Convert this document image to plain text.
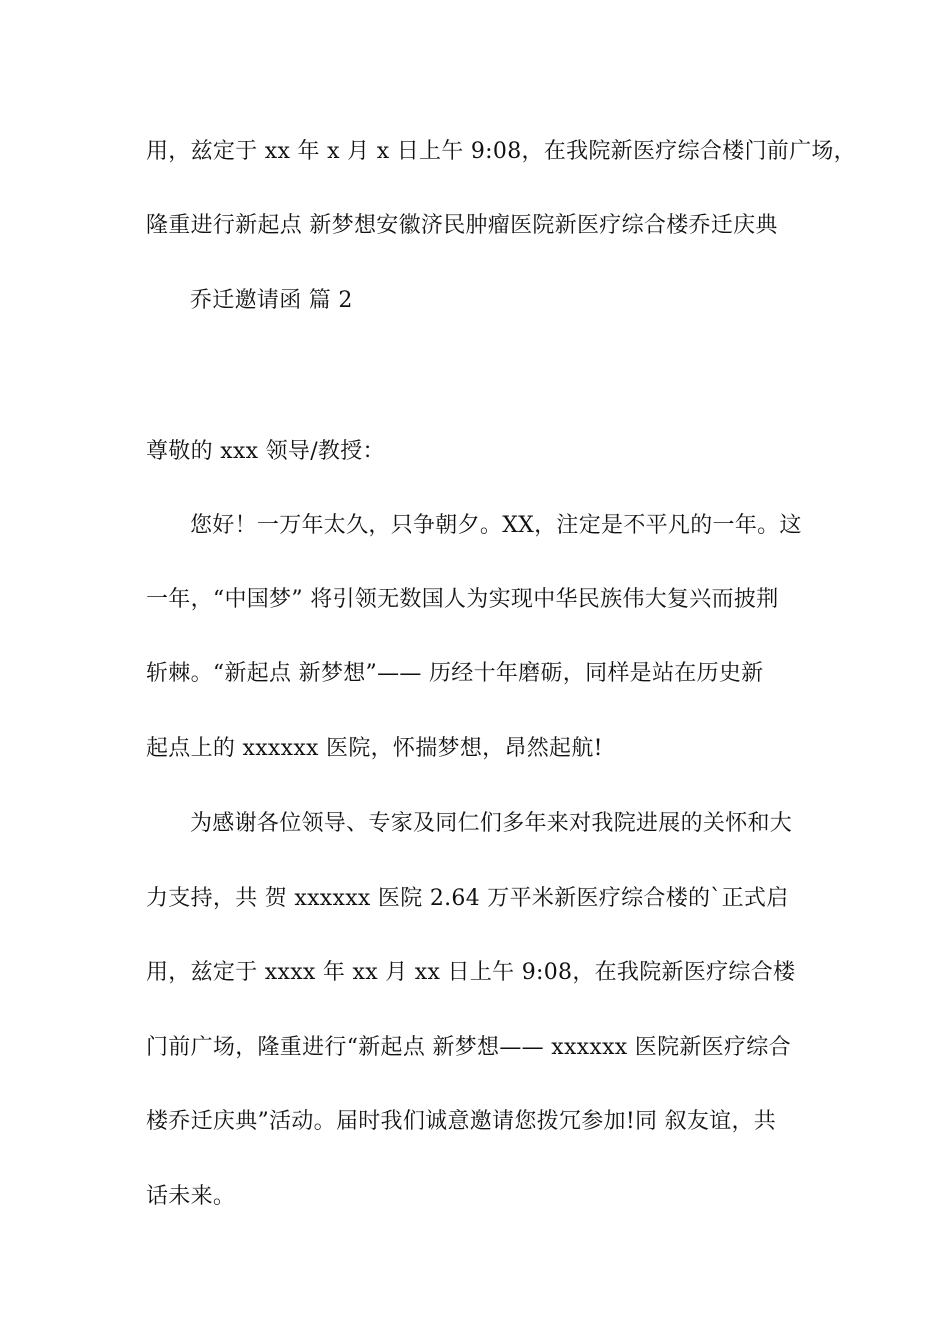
用，兹定于 xx 年 x 月 x 日上午 9:08，在我院新医疗综合楼门前广场，
隆重进行新起点 新梦想安徽济民肿瘤医院新医疗综合楼乔迁庆典
乔迁邀请函 篇 2
尊敬的 xxx 领导/教授：
您好！一万年太久，只争朝夕。XX，注定是不平凡的一年。这
一年，“中国梦” 将引领无数国人为实现中华民族伟大复兴而披荆
斩棘。“新起点 新梦想”—— 历经十年磨砺，同样是站在历史新
起点上的 xxxxxx 医院，怀揣梦想，昂然起航!
为感谢各位领导、专家及同仁们多年来对我院进展的关怀和大
力支持，共 贺 xxxxxx 医院 2.64 万平米新医疗综合楼的`正式启
用，兹定于 xxxx 年 xx 月 xx 日上午 9:08，在我院新医疗综合楼
门前广场，隆重进行“新起点 新梦想—— xxxxxx 医院新医疗综合
楼乔迁庆典”活动。届时我们诚意邀请您拨冗参加!同 叙友谊，共
话未来。
